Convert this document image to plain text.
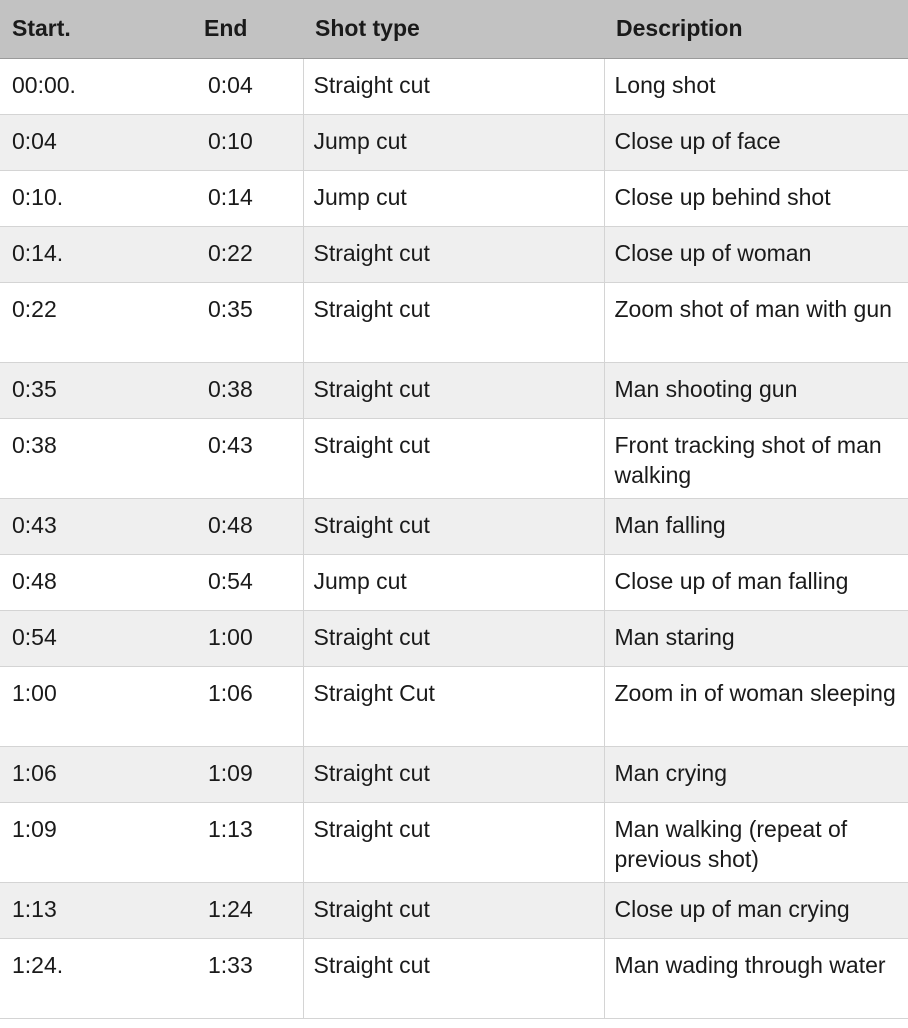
Start.	End	Shot type	Description
00:00.	0:04	Straight cut	Long shot
0:04	0:10	Jump cut	Close up of face
0:10.	0:14	Jump cut	Close up behind shot
0:14.	0:22	Straight cut	Close up of woman
0:22	0:35	Straight cut	Zoom shot of man with gun
0:35	0:38	Straight cut	Man shooting gun
0:38	0:43	Straight cut	Front tracking shot of man walking
0:43	0:48	Straight cut	Man falling
0:48	0:54	Jump cut	Close up of man falling
0:54	1:00	Straight cut	Man staring
1:00	1:06	Straight Cut	Zoom in of woman sleeping
1:06	1:09	Straight cut	Man crying
1:09	1:13	Straight cut	Man walking (repeat of previous shot)
1:13	1:24	Straight cut	Close up of man crying
1:24.	1:33	Straight cut	Man wading through water
